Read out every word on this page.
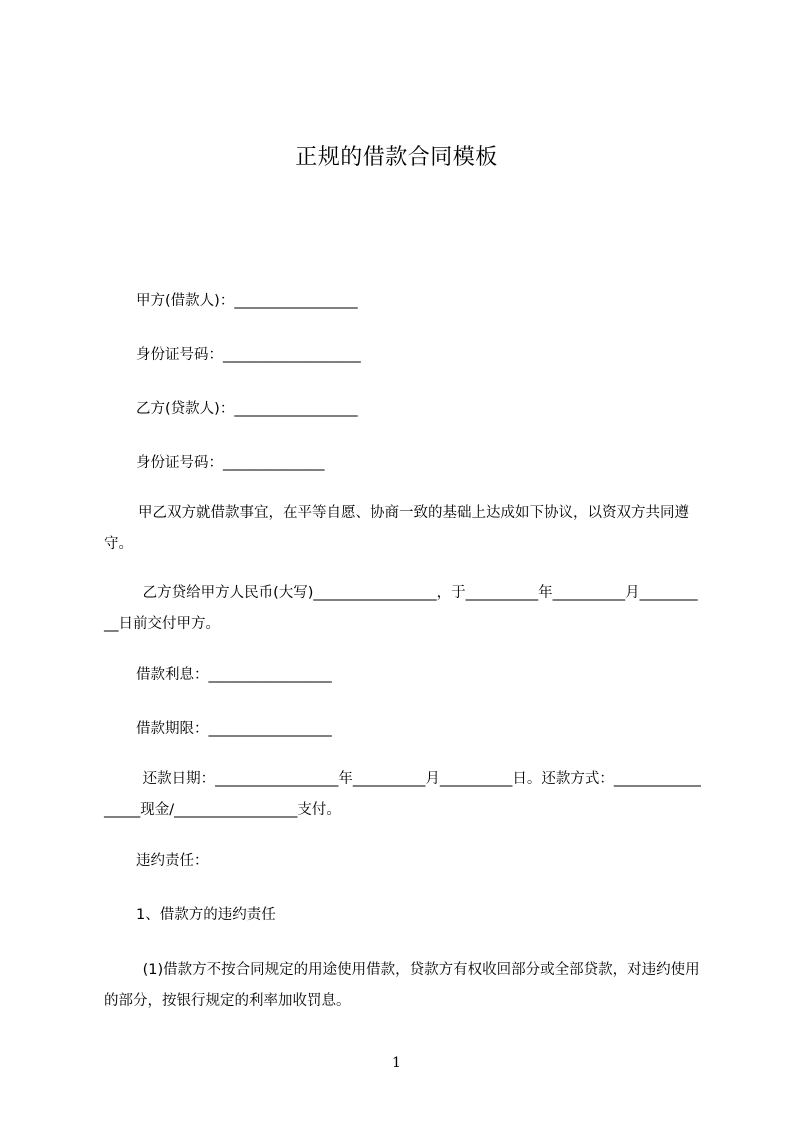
正规的借款合同模板
甲方(借款人)：_________________
身份证号码：___________________
乙方(贷款人)：_________________
身份证号码：______________
甲乙双方就借款事宜，在平等自愿、协商一致的基础上达成如下协议，以资双方共同遵守。
乙方贷给甲方人民币(大写)_________________，于__________年__________月__________日前交付甲方。
借款利息：_________________
借款期限：_________________
还款日期：_________________年__________月__________日。还款方式：_________________现金/_________________支付。
违约责任：
1、借款方的违约责任
(1)借款方不按合同规定的用途使用借款，贷款方有权收回部分或全部贷款，对违约使用的部分，按银行规定的利率加收罚息。
1
